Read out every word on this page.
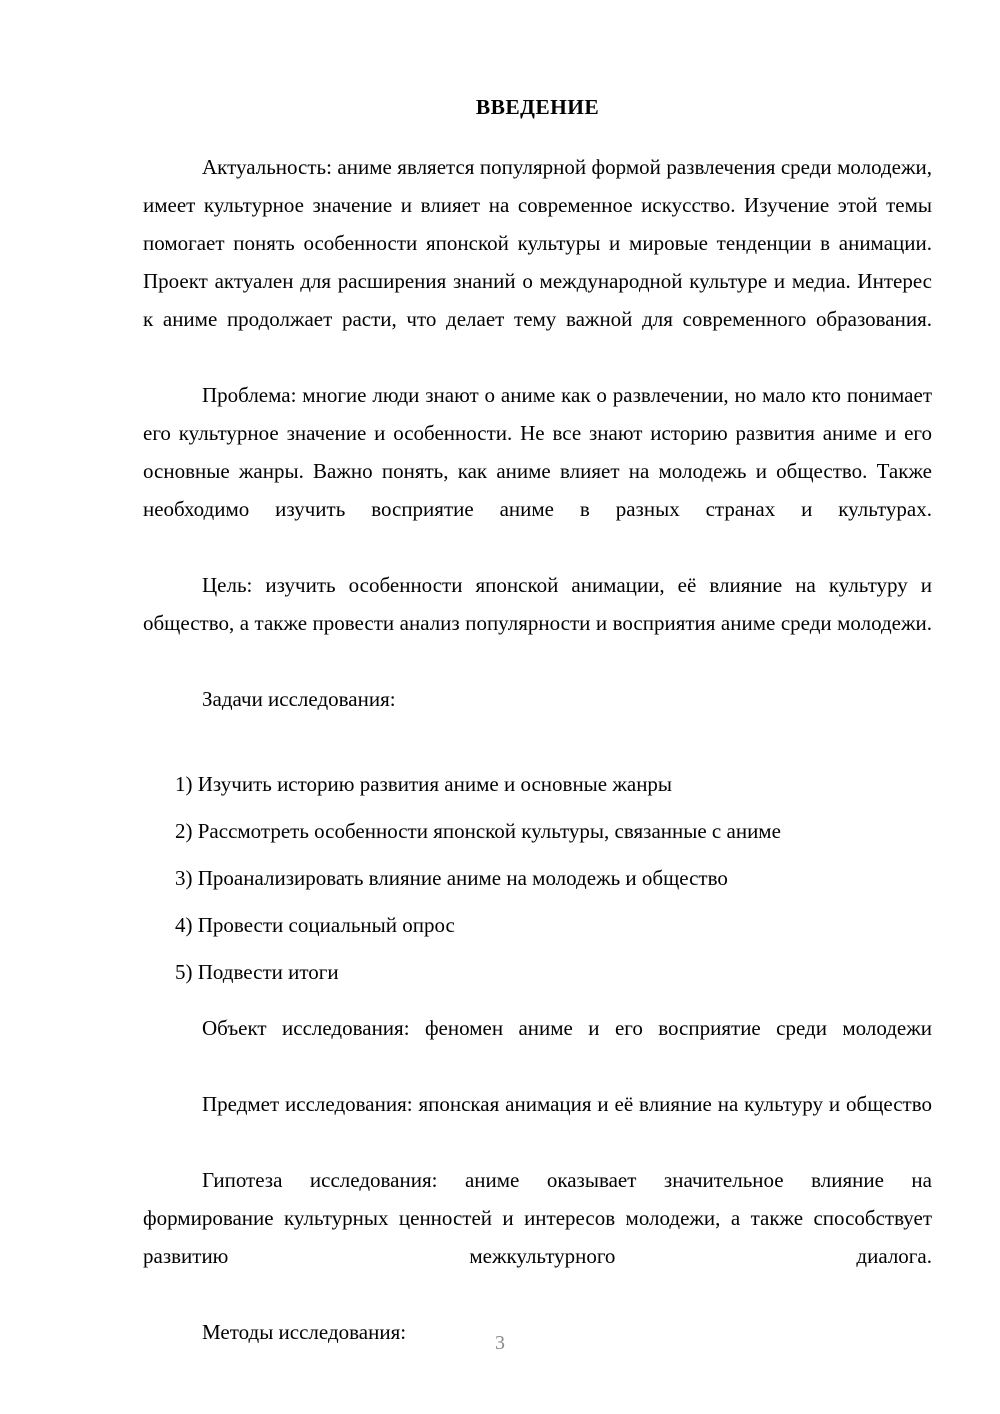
ВВЕДЕНИЕ

Актуальность: аниме является популярной формой развлечения среди молодежи, имеет культурное значение и влияет на современное искусство. Изучение этой темы помогает понять особенности японской культуры и мировые тенденции в анимации. Проект актуален для расширения знаний о международной культуре и медиа. Интерес к аниме продолжает расти, что делает тему важной для современного образования.

Проблема: многие люди знают о аниме как о развлечении, но мало кто понимает его культурное значение и особенности. Не все знают историю развития аниме и его основные жанры. Важно понять, как аниме влияет на молодежь и общество. Также необходимо изучить восприятие аниме в разных странах и культурах.

Цель: изучить особенности японской анимации, её влияние на культуру и общество, а также провести анализ популярности и восприятия аниме среди молодежи.

Задачи исследования:

1) Изучить историю развития аниме и основные жанры
2) Рассмотреть особенности японской культуры, связанные с аниме
3) Проанализировать влияние аниме на молодежь и общество
4) Провести социальный опрос
5) Подвести итоги

Объект исследования: феномен аниме и его восприятие среди молодежи

Предмет исследования: японская анимация и её влияние на культуру и общество

Гипотеза исследования: аниме оказывает значительное влияние на формирование культурных ценностей и интересов молодежи, а также способствует развитию межкультурного диалога.

Методы исследования:	3
